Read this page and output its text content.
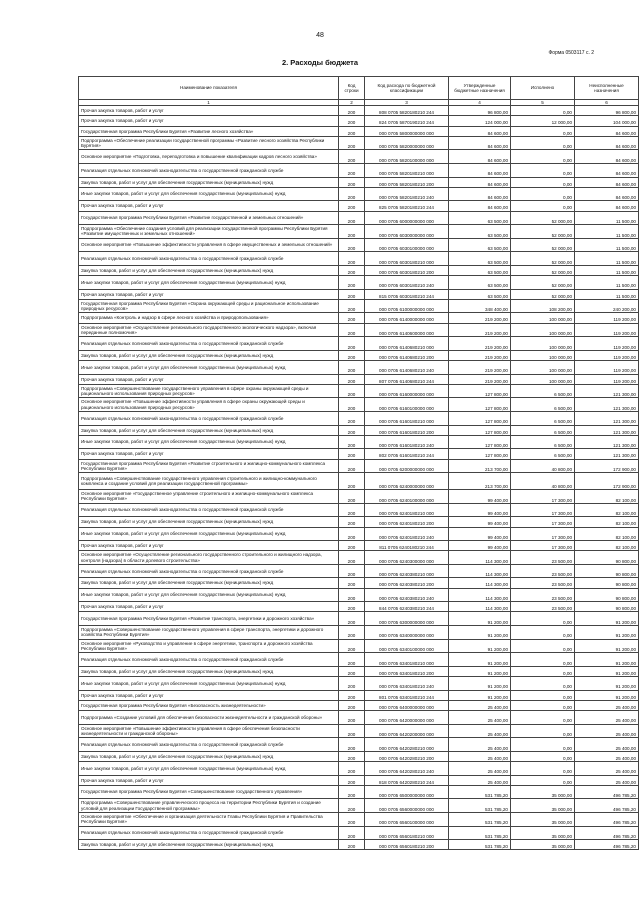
48
Форма 0503117 с. 2
2. Расходы бюджета
Наименование показателя	Код строки	Код расхода по бюджетной классификации	Утвержденные бюджетные назначения	Исполнено	Неисполненные назначения
1	2	3	4	5	6
Прочая закупка товаров, работ и услуг	200	808 0705 5820180210 244	96 800,00	0,00	96 800,00
Прочая закупка товаров, работ и услуг	200	824 0705 5870190210 244	124 000,00	12 000,00	104 000,00
Государственная программа Республики Бурятия «Развитие лесного хозяйства»	200	000 0705 5800000000 000	84 600,00	0,00	84 600,00
Подпрограмма «Обеспечение реализации государственной программы «Развитие лесного хозяйства Республики Бурятия»	200	000 0705 5820000000 000	84 600,00	0,00	84 600,00
Основное мероприятие «Подготовка, переподготовка и повышение квалификации кадров лесного хозяйства»	200	000 0705 5820100000 000	84 600,00	0,00	84 600,00
Реализация отдельных полномочий законодательства о государственной гражданской службе	200	000 0705 5820180210 000	84 600,00	0,00	84 600,00
Закупка товаров, работ и услуг для обеспечения государственных (муниципальных) нужд	200	000 0705 5820180210 200	84 600,00	0,00	84 600,00
Иные закупки товаров, работ и услуг для обеспечения государственных (муниципальных) нужд	200	000 0705 5820180210 240	84 600,00	0,00	84 600,00
Прочая закупка товаров, работ и услуг	200	825 0705 5820180210 244	84 600,00	0,00	84 600,00
Государственная программа Республики Бурятия «Развитие государственной и земельных отношений»	200	000 0705 6000000000 000	63 500,00	52 000,00	11 500,00
Подпрограмма «Обеспечение создания условий для реализации государственной программы Республики Бурятия «Развитие имущественных и земельных отношений»	200	000 0705 6030000000 000	63 500,00	52 000,00	11 500,00
Основное мероприятие «Повышение эффективности управления в сфере имущественных и земельных отношений»	200	000 0705 6030100000 000	63 500,00	52 000,00	11 500,00
Реализация отдельных полномочий законодательства о государственной гражданской службе	200	000 0705 6030180210 000	63 500,00	52 000,00	11 500,00
Закупка товаров, работ и услуг для обеспечения государственных (муниципальных) нужд	200	000 0705 6030180210 200	63 500,00	52 000,00	11 500,00
Иные закупки товаров, работ и услуг для обеспечения государственных (муниципальных) нужд	200	000 0705 6030180210 240	63 500,00	52 000,00	11 500,00
Прочая закупка товаров, работ и услуг	200	815 0705 6030180210 244	63 500,00	52 000,00	11 500,00
Государственная программа Республики Бурятия «Охрана окружающей среды и рациональное использование природных ресурсов»	200	000 0705 6100000000 000	348 400,00	108 200,00	240 200,00
Подпрограмма «Контроль и надзор в сфере лесного хозяйства и природопользования»	200	000 0705 6140000000 000	219 200,00	100 000,00	119 200,00
Основное мероприятие «Осуществление регионального государственного экологического надзора», включая переданные полномочия»	200	000 0705 6140600000 000	219 200,00	100 000,00	119 200,00
Реализация отдельных полномочий законодательства о государственной гражданской службе	200	000 0705 6140680210 000	219 200,00	100 000,00	119 200,00
Закупка товаров, работ и услуг для обеспечения государственных (муниципальных) нужд	200	000 0705 6140680210 200	219 200,00	100 000,00	119 200,00
Иные закупки товаров, работ и услуг для обеспечения государственных (муниципальных) нужд	200	000 0705 6140680210 240	219 200,00	100 000,00	119 200,00
Прочая закупка товаров, работ и услуг	200	807 0705 6140680210 244	219 200,00	100 000,00	119 200,00
Подпрограмма «Совершенствование государственного управления в сфере охраны окружающей среды и рационального использования природных ресурсов»	200	000 0705 6160000000 000	127 800,00	6 500,00	121 300,00
Основное мероприятие «Повышение эффективности управления в сфере охраны окружающей среды и рационального использования природных ресурсов»	200	000 0705 6160100000 000	127 800,00	6 500,00	121 300,00
Реализация отдельных полномочий законодательства о государственной гражданской службе	200	000 0705 6160180210 000	127 800,00	6 500,00	121 300,00
Закупка товаров, работ и услуг для обеспечения государственных (муниципальных) нужд	200	000 0705 6160180210 200	127 800,00	6 500,00	121 300,00
Иные закупки товаров, работ и услуг для обеспечения государственных (муниципальных) нужд	200	000 0705 6160180210 240	127 800,00	6 500,00	121 300,00
Прочая закупка товаров, работ и услуг	200	802 0705 6160180210 244	127 800,00	6 500,00	121 300,00
Государственная программа Республики Бурятия «Развитие строительного и жилищно-коммунального комплекса Республики Бурятия»	200	000 0705 6200000000 000	213 700,00	40 800,00	172 900,00
Подпрограмма «Совершенствование государственного управления строительного и жилищно-коммунального комплекса и создание условий для реализации государственной программы»	200	000 0705 6240000000 000	213 700,00	40 800,00	172 900,00
Основное мероприятие «Государственное управление строительного и жилищно-коммунального комплекса Республики Бурятия»	200	000 0705 6240100000 000	99 400,00	17 300,00	82 100,00
Реализация отдельных полномочий законодательства о государственной гражданской службе	200	000 0705 6240180210 000	99 400,00	17 300,00	82 100,00
Закупка товаров, работ и услуг для обеспечения государственных (муниципальных) нужд	200	000 0705 6240180210 200	99 400,00	17 300,00	82 100,00
Иные закупки товаров, работ и услуг для обеспечения государственных (муниципальных) нужд	200	000 0705 6240180210 240	99 400,00	17 300,00	82 100,00
Прочая закупка товаров, работ и услуг	200	811 0705 6240180210 244	99 400,00	17 300,00	82 100,00
Основное мероприятие «Осуществление регионального государственного строительного и жилищного надзора, контроля (надзора) в области долевого строительства»	200	000 0705 6240300000 000	114 300,00	23 500,00	90 800,00
Реализация отдельных полномочий законодательства о государственной гражданской службе	200	000 0705 6240380210 000	114 300,00	23 500,00	90 800,00
Закупка товаров, работ и услуг для обеспечения государственных (муниципальных) нужд	200	000 0705 6240380210 200	114 300,00	23 500,00	90 800,00
Иные закупки товаров, работ и услуг для обеспечения государственных (муниципальных) нужд	200	000 0705 6240380210 240	114 300,00	23 500,00	90 800,00
Прочая закупка товаров, работ и услуг	200	844 0705 6240380210 244	114 300,00	23 500,00	90 800,00
Государственная программа Республики Бурятия «Развитие транспорта, энергетики и дорожного хозяйства»	200	000 0705 6300000000 000	91 200,00	0,00	91 200,00
Подпрограмма «Совершенствование государственного управления в сфере транспорта, энергетики и дорожного хозяйства Республики Бурятия»	200	000 0705 6340000000 000	91 200,00	0,00	91 200,00
Основное мероприятие «Руководство и управление в сфере энергетики, транспорта и дорожного хозяйства Республики Бурятия»	200	000 0705 6340100000 000	91 200,00	0,00	91 200,00
Реализация отдельных полномочий законодательства о государственной гражданской службе	200	000 0705 6340180210 000	91 200,00	0,00	91 200,00
Закупка товаров, работ и услуг для обеспечения государственных (муниципальных) нужд	200	000 0705 6340180210 200	91 200,00	0,00	91 200,00
Иные закупки товаров, работ и услуг для обеспечения государственных (муниципальных) нужд	200	000 0705 6340180210 240	91 200,00	0,00	91 200,00
Прочая закупка товаров, работ и услуг	200	801 0705 6340180210 244	91 200,00	0,00	91 200,00
Государственная программа Республики Бурятия «Безопасность жизнедеятельности»	200	000 0705 6400000000 000	25 400,00	0,00	25 400,00
Подпрограмма «Создание условий для обеспечения безопасности жизнедеятельности и гражданской обороны»	200	000 0705 6420000000 000	25 400,00	0,00	25 400,00
Основное мероприятие «Повышение эффективности управления в сфере обеспечения безопасности жизнедеятельности и гражданской обороны»	200	000 0705 6420200000 000	25 400,00	0,00	25 400,00
Реализация отдельных полномочий законодательства о государственной гражданской службе	200	000 0705 6420280210 000	25 400,00	0,00	25 400,00
Закупка товаров, работ и услуг для обеспечения государственных (муниципальных) нужд	200	000 0705 6420280210 200	25 400,00	0,00	25 400,00
Иные закупки товаров, работ и услуг для обеспечения государственных (муниципальных) нужд	200	000 0705 6420280210 240	25 400,00	0,00	25 400,00
Прочая закупка товаров, работ и услуг	200	818 0705 6420280210 244	25 400,00	0,00	25 400,00
Государственная программа Республики Бурятия «Совершенствование государственного управления»	200	000 0705 6500000000 000	531 785,20	35 000,00	496 785,20
Подпрограмма «Совершенствование управленческого процесса на территории Республики Бурятия и создание условий для реализации Государственной программы»	200	000 0705 6560000000 000	531 785,20	35 000,00	496 785,20
Основное мероприятие «Обеспечение и организация деятельности Главы Республики Бурятия и Правительства Республики Бурятия»	200	000 0705 6560100000 000	531 785,20	35 000,00	496 785,20
Реализация отдельных полномочий законодательства о государственной гражданской службе	200	000 0705 6560180210 000	531 785,20	35 000,00	496 785,20
Закупка товаров, работ и услуг для обеспечения государственных (муниципальных) нужд	200	000 0705 6560180210 200	531 785,20	35 000,00	496 785,20
